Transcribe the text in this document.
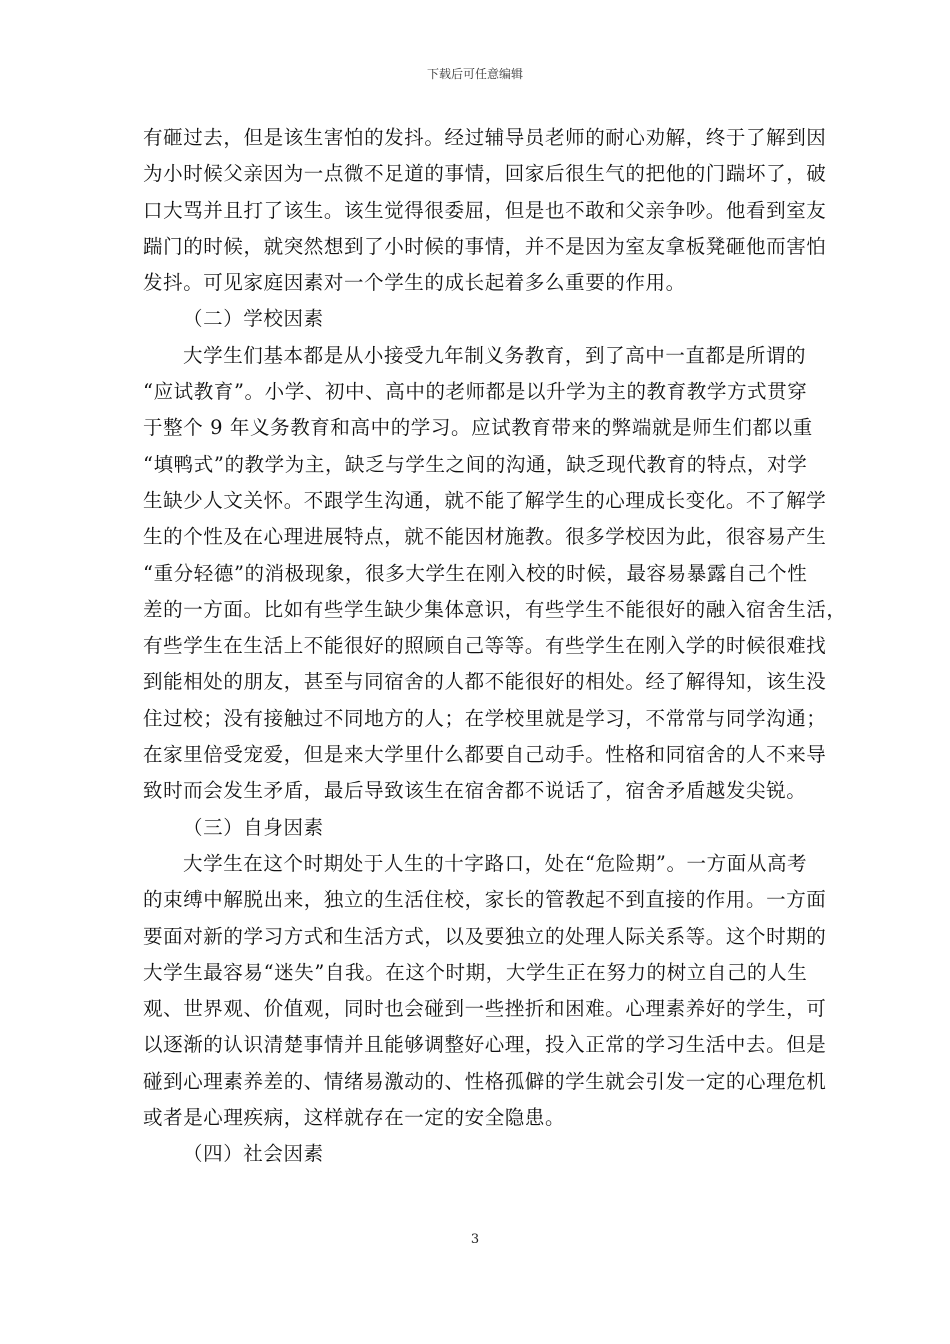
下载后可任意编辑
有砸过去，但是该生害怕的发抖。经过辅导员老师的耐心劝解，终于了解到因
为小时候父亲因为一点微不足道的事情，回家后很生气的把他的门踹坏了，破
口大骂并且打了该生。该生觉得很委屈，但是也不敢和父亲争吵。他看到室友
踹门的时候，就突然想到了小时候的事情，并不是因为室友拿板凳砸他而害怕
发抖。可见家庭因素对一个学生的成长起着多么重要的作用。
（二）学校因素
大学生们基本都是从小接受九年制义务教育，到了高中一直都是所谓的
“应试教育”。小学、初中、高中的老师都是以升学为主的教育教学方式贯穿
于整个 9 年义务教育和高中的学习。应试教育带来的弊端就是师生们都以重
“填鸭式”的教学为主，缺乏与学生之间的沟通，缺乏现代教育的特点，对学
生缺少人文关怀。不跟学生沟通，就不能了解学生的心理成长变化。不了解学
生的个性及在心理进展特点，就不能因材施教。很多学校因为此，很容易产生
“重分轻德”的消极现象，很多大学生在刚入校的时候，最容易暴露自己个性
差的一方面。比如有些学生缺少集体意识，有些学生不能很好的融入宿舍生活，
有些学生在生活上不能很好的照顾自己等等。有些学生在刚入学的时候很难找
到能相处的朋友，甚至与同宿舍的人都不能很好的相处。经了解得知，该生没
住过校；没有接触过不同地方的人；在学校里就是学习，不常常与同学沟通；
在家里倍受宠爱，但是来大学里什么都要自己动手。性格和同宿舍的人不来导
致时而会发生矛盾，最后导致该生在宿舍都不说话了，宿舍矛盾越发尖锐。
（三）自身因素
大学生在这个时期处于人生的十字路口，处在“危险期”。一方面从高考
的束缚中解脱出来，独立的生活住校，家长的管教起不到直接的作用。一方面
要面对新的学习方式和生活方式，以及要独立的处理人际关系等。这个时期的
大学生最容易“迷失”自我。在这个时期，大学生正在努力的树立自己的人生
观、世界观、价值观，同时也会碰到一些挫折和困难。心理素养好的学生，可
以逐渐的认识清楚事情并且能够调整好心理，投入正常的学习生活中去。但是
碰到心理素养差的、情绪易激动的、性格孤僻的学生就会引发一定的心理危机
或者是心理疾病，这样就存在一定的安全隐患。
（四）社会因素
3
